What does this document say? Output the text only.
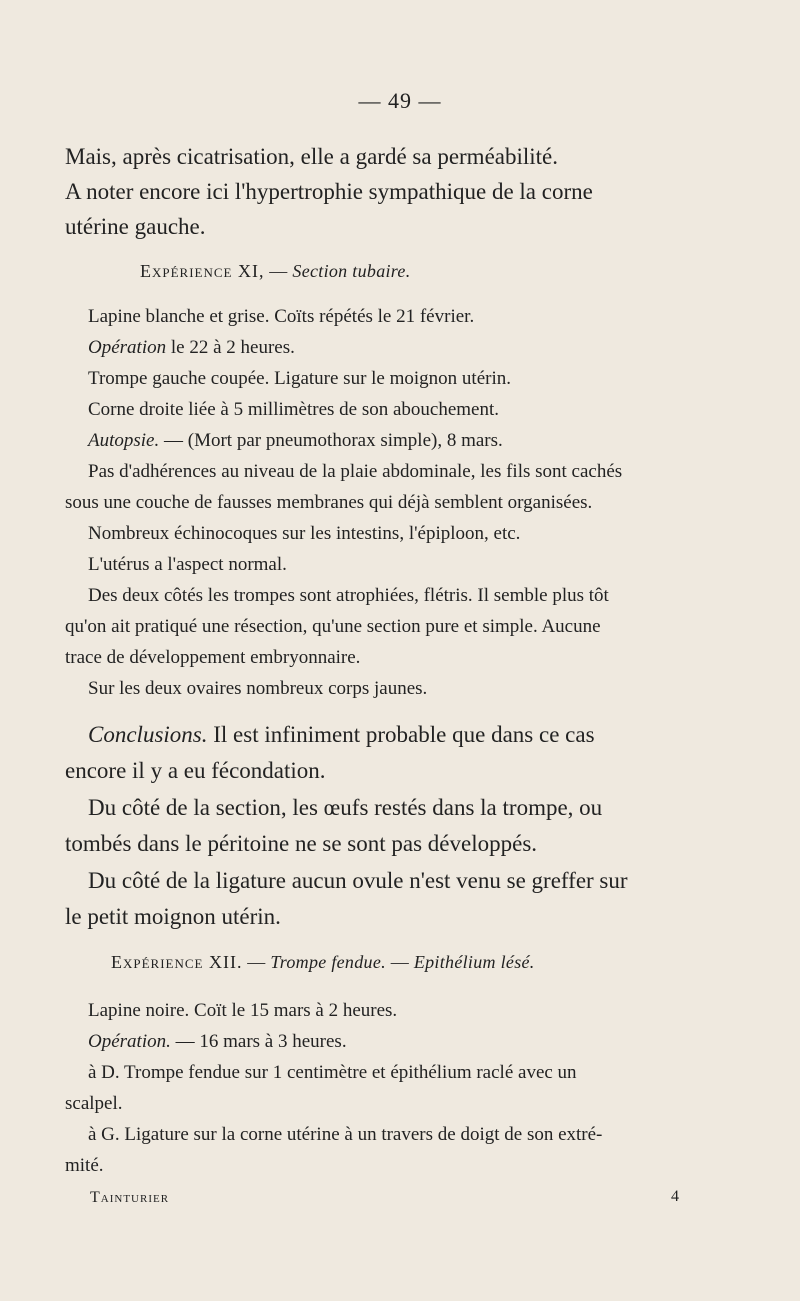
— 49 —
Mais, après cicatrisation, elle a gardé sa perméabilité.
A noter encore ici l'hypertrophie sympathique de la corne
utérine gauche.
Expérience XI, — Section tubaire.
Lapine blanche et grise. Coïts répétés le 21 février.
Opération le 22 à 2 heures.
Trompe gauche coupée. Ligature sur le moignon utérin.
Corne droite liée à 5 millimètres de son abouchement.
Autopsie. — (Mort par pneumothorax simple), 8 mars.
Pas d'adhérences au niveau de la plaie abdominale, les fils sont cachés
sous une couche de fausses membranes qui déjà semblent organisées.
Nombreux échinocoques sur les intestins, l'épiploon, etc.
L'utérus a l'aspect normal.
Des deux côtés les trompes sont atrophiées, flétris. Il semble plus tôt
qu'on ait pratiqué une résection, qu'une section pure et simple. Aucune
trace de développement embryonnaire.
Sur les deux ovaires nombreux corps jaunes.
Conclusions. Il est infiniment probable que dans ce cas
encore il y a eu fécondation.
Du côté de la section, les œufs restés dans la trompe, ou
tombés dans le péritoine ne se sont pas développés.
Du côté de la ligature aucun ovule n'est venu se greffer sur
le petit moignon utérin.
Expérience XII. — Trompe fendue. — Epithélium lésé.
Lapine noire. Coït le 15 mars à 2 heures.
Opération. — 16 mars à 3 heures.
à D. Trompe fendue sur 1 centimètre et épithélium raclé avec un
scalpel.
à G. Ligature sur la corne utérine à un travers de doigt de son extré-
mité.
Tainturier	4
